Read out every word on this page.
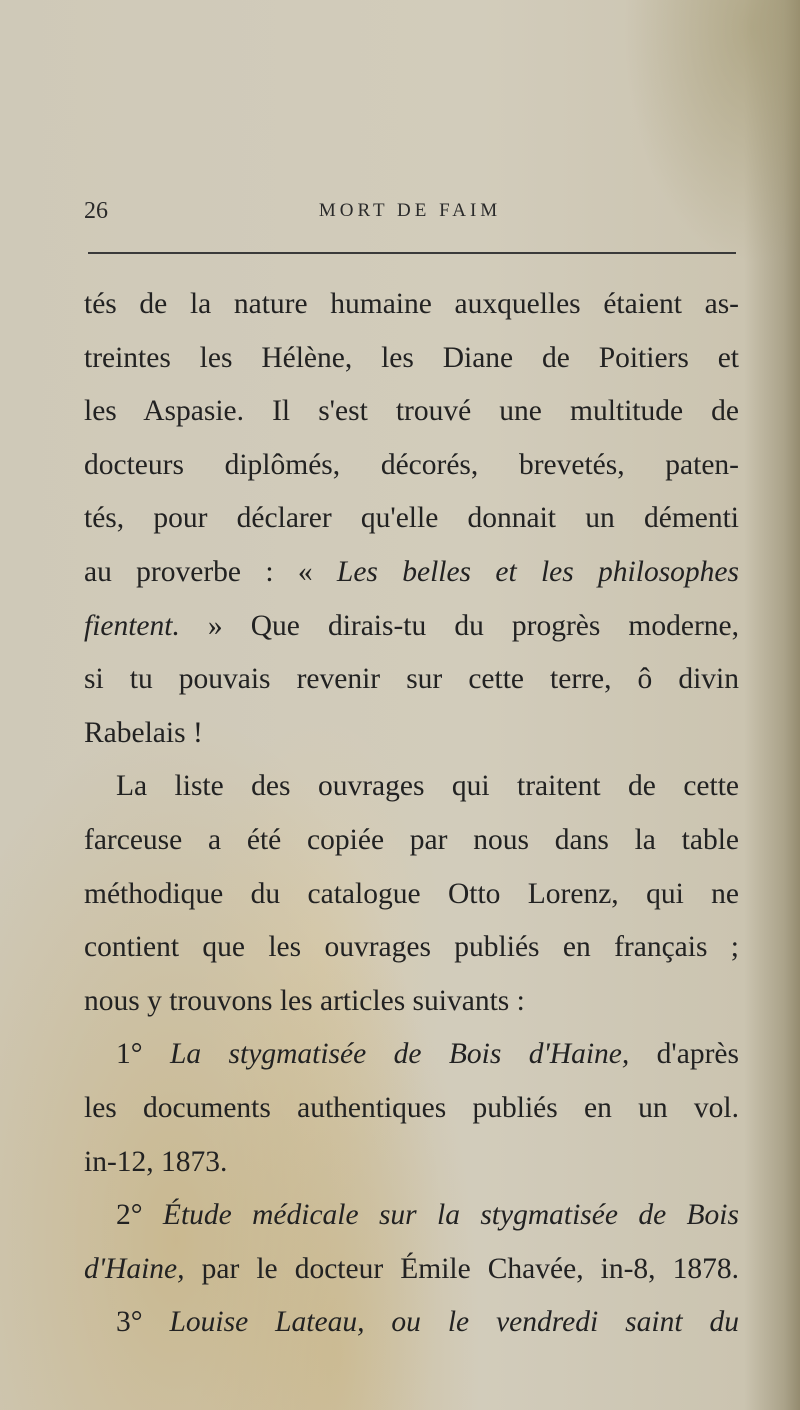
26	MORT DE FAIM
tés de la nature humaine auxquelles étaient as-
treintes les Hélène, les Diane de Poitiers et
les Aspasie. Il s'est trouvé une multitude de
docteurs diplômés, décorés, brevetés, paten-
tés, pour déclarer qu'elle donnait un démenti
au proverbe : « Les belles et les philosophes
fientent. » Que dirais-tu du progrès moderne,
si tu pouvais revenir sur cette terre, ô divin
Rabelais !
La liste des ouvrages qui traitent de cette
farceuse a été copiée par nous dans la table
méthodique du catalogue Otto Lorenz, qui ne
contient que les ouvrages publiés en français ;
nous y trouvons les articles suivants :
1° La stygmatisée de Bois d'Haine, d'après
les documents authentiques publiés en un vol.
in-12, 1873.
2° Étude médicale sur la stygmatisée de Bois
d'Haine, par le docteur Émile Chavée, in-8, 1878.
3° Louise Lateau, ou le vendredi saint du
